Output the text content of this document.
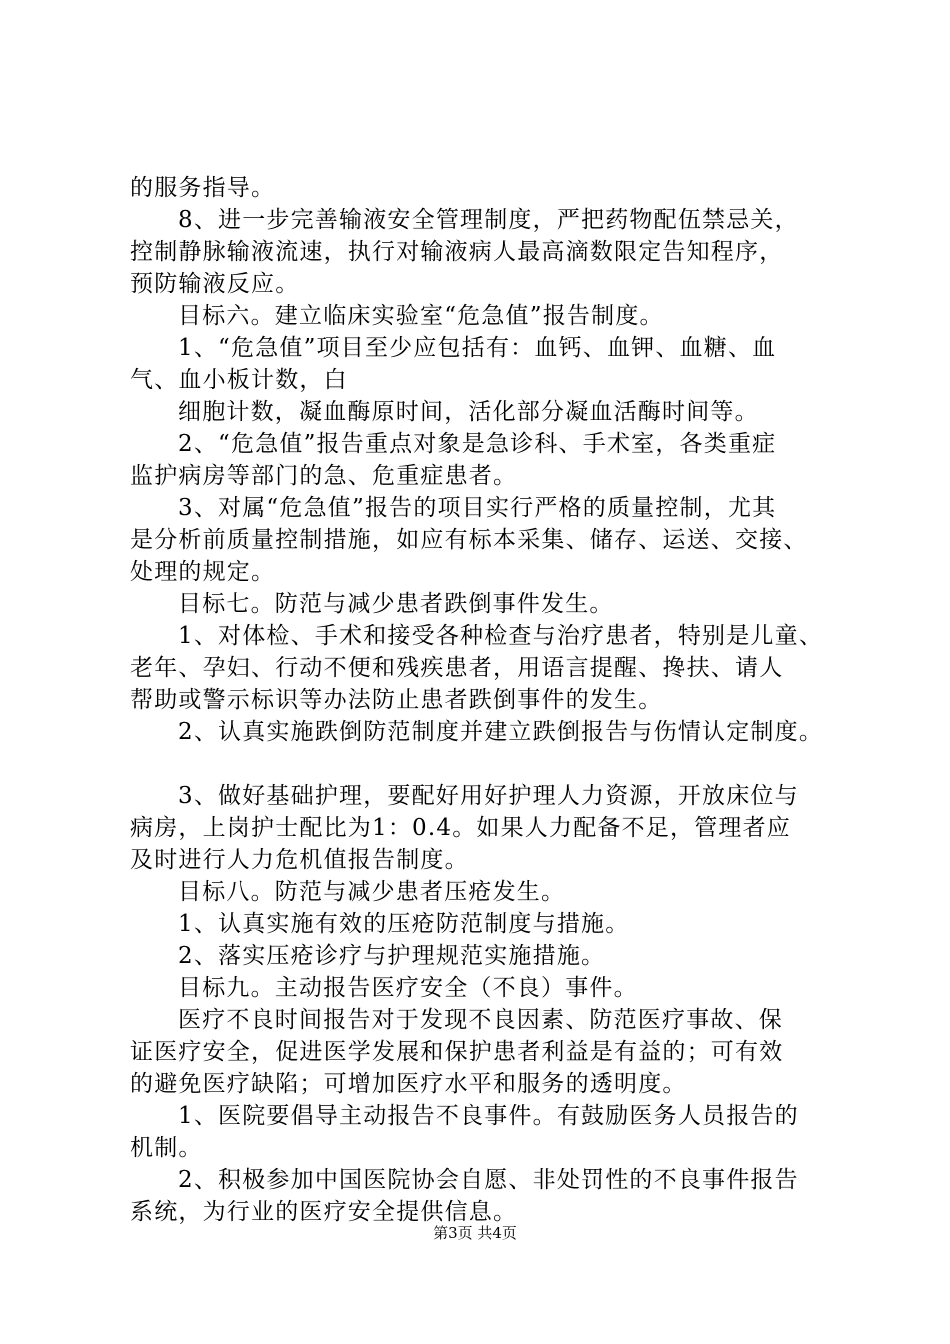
的服务指导。
8、进一步完善输液安全管理制度，严把药物配伍禁忌关，
控制静脉输液流速，执行对输液病人最高滴数限定告知程序，
预防输液反应。
目标六。建立临床实验室“危急值”报告制度。
1、“危急值”项目至少应包括有：血钙、血钾、血糖、血
气、血小板计数，白
细胞计数，凝血酶原时间，活化部分凝血活酶时间等。
2、“危急值”报告重点对象是急诊科、手术室，各类重症
监护病房等部门的急、危重症患者。
3、对属“危急值”报告的项目实行严格的质量控制，尤其
是分析前质量控制措施，如应有标本采集、储存、运送、交接、
处理的规定。
目标七。防范与减少患者跌倒事件发生。
1、对体检、手术和接受各种检查与治疗患者，特别是儿童、
老年、孕妇、行动不便和残疾患者，用语言提醒、搀扶、请人
帮助或警示标识等办法防止患者跌倒事件的发生。
2、认真实施跌倒防范制度并建立跌倒报告与伤情认定制度。
3、做好基础护理，要配好用好护理人力资源，开放床位与
病房，上岗护士配比为1：0.4。如果人力配备不足，管理者应
及时进行人力危机值报告制度。
目标八。防范与减少患者压疮发生。
1、认真实施有效的压疮防范制度与措施。
2、落实压疮诊疗与护理规范实施措施。
目标九。主动报告医疗安全（不良）事件。
医疗不良时间报告对于发现不良因素、防范医疗事故、保
证医疗安全，促进医学发展和保护患者利益是有益的；可有效
的避免医疗缺陷；可增加医疗水平和服务的透明度。
1、医院要倡导主动报告不良事件。有鼓励医务人员报告的
机制。
2、积极参加中国医院协会自愿、非处罚性的不良事件报告
系统，为行业的医疗安全提供信息。
第3页 共4页
